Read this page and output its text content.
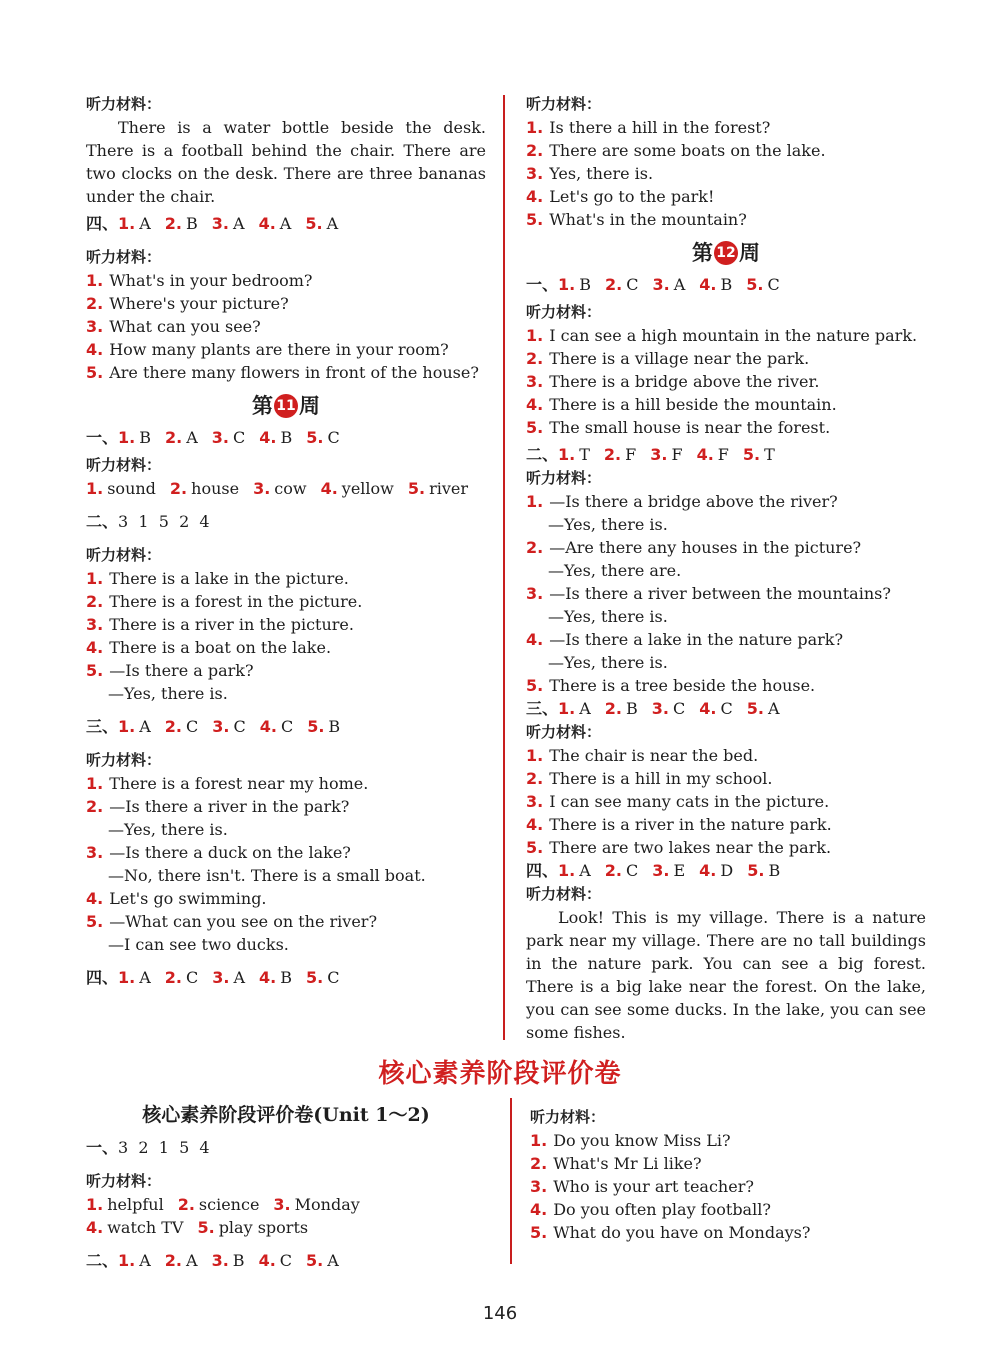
听力材料：
There is a water bottle beside the desk. There is a football behind the chair. There are two clocks on the desk. There are three bananas under the chair.
四、1. A 2. B 3. A 4. A 5. A
听力材料：
1. What's in your bedroom?
2. Where's your picture?
3. What can you see?
4. How many plants are there in your room?
5. Are there many flowers in front of the house?
第 11 周
一、1. B 2. A 3. C 4. B 5. C
听力材料：
1. sound 2. house 3. cow 4. yellow 5. river
二、3  1  5  2  4
听力材料：
1. There is a lake in the picture.
2. There is a forest in the picture.
3. There is a river in the picture.
4. There is a boat on the lake.
5. —Is there a park?
—Yes, there is.
三、1. A 2. C 3. C 4. C 5. B
听力材料：
1. There is a forest near my home.
2. —Is there a river in the park?
—Yes, there is.
3. —Is there a duck on the lake?
—No, there isn't. There is a small boat.
4. Let's go swimming.
5. —What can you see on the river?
—I can see two ducks.
四、1. A 2. C 3. A 4. B 5. C
听力材料：
1. Is there a hill in the forest?
2. There are some boats on the lake.
3. Yes, there is.
4. Let's go to the park!
5. What's in the mountain?
第 12 周
一、1. B 2. C 3. A 4. B 5. C
听力材料：
1. I can see a high mountain in the nature park.
2. There is a village near the park.
3. There is a bridge above the river.
4. There is a hill beside the mountain.
5. The small house is near the forest.
二、1. T 2. F 3. F 4. F 5. T
听力材料：
1. —Is there a bridge above the river?
—Yes, there is.
2. —Are there any houses in the picture?
—Yes, there are.
3. —Is there a river between the mountains?
—Yes, there is.
4. —Is there a lake in the nature park?
—Yes, there is.
5. There is a tree beside the house.
三、1. A 2. B 3. C 4. C 5. A
听力材料：
1. The chair is near the bed.
2. There is a hill in my school.
3. I can see many cats in the picture.
4. There is a river in the nature park.
5. There are two lakes near the park.
四、1. A 2. C 3. E 4. D 5. B
听力材料：
Look! This is my village. There is a nature park near my village. There are no tall buildings in the nature park. You can see a big forest. There is a big lake near the forest. On the lake, you can see some ducks. In the lake, you can see some fishes.
核心素养阶段评价卷
核心素养阶段评价卷(Unit 1～2)
一、3  2  1  5  4
听力材料：
1. helpful 2. science 3. Monday
4. watch TV 5. play sports
二、1. A 2. A 3. B 4. C 5. A
听力材料：
1. Do you know Miss Li?
2. What's Mr Li like?
3. Who is your art teacher?
4. Do you often play football?
5. What do you have on Mondays?
146
